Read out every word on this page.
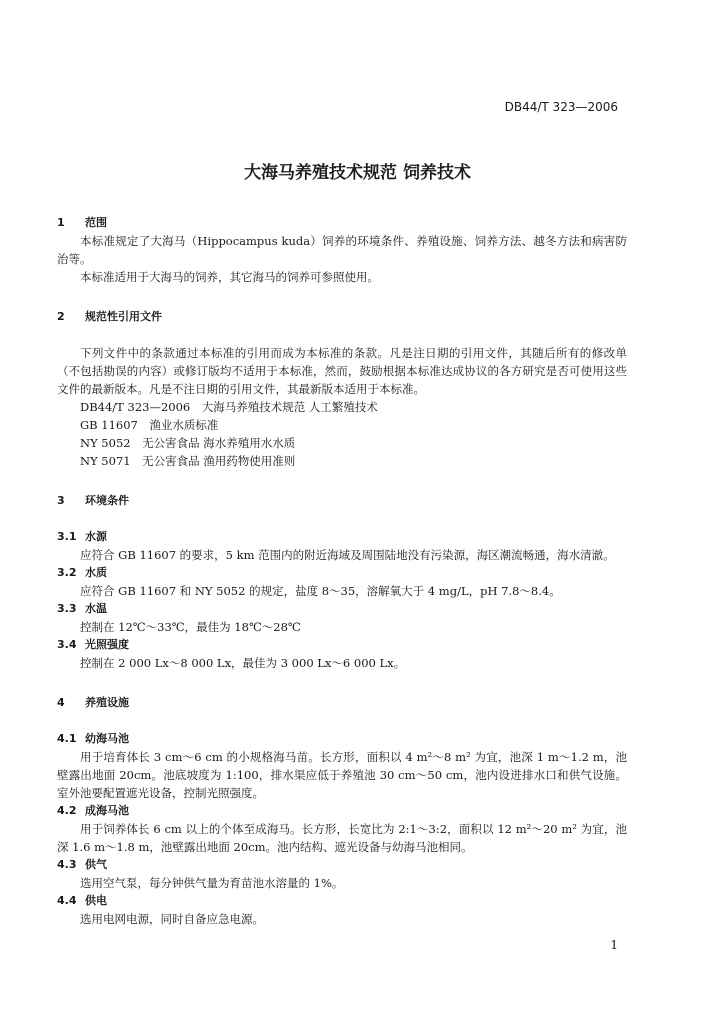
DB44/T 323—2006
大海马养殖技术规范 饲养技术
1 范围

本标准规定了大海马（Hippocampus kuda）饲养的环境条件、养殖设施、饲养方法、越冬方法和病害防治等。

本标准适用于大海马的饲养，其它海马的饲养可参照使用。

2 规范性引用文件

下列文件中的条款通过本标准的引用而成为本标准的条款。凡是注日期的引用文件，其随后所有的修改单（不包括勘误的内容）或修订版均不适用于本标准，然而，鼓励根据本标准达成协议的各方研究是否可使用这些文件的最新版本。凡是不注日期的引用文件，其最新版本适用于本标准。

DB44/T 323—2006　大海马养殖技术规范 人工繁殖技术

GB 11607　渔业水质标准

NY 5052　无公害食品 海水养殖用水水质

NY 5071　无公害食品 渔用药物使用准则

3 环境条件
3.1 水源

应符合 GB 11607 的要求，5 km 范围内的附近海域及周围陆地没有污染源，海区潮流畅通，海水清澈。

3.2 水质

应符合 GB 11607 和 NY 5052 的规定，盐度 8～35，溶解氧大于 4 mg/L，pH 7.8～8.4。

3.3 水温

控制在 12℃～33℃，最佳为 18℃～28℃

3.4 光照强度

控制在 2 000 Lx～8 000 Lx，最佳为 3 000 Lx～6 000 Lx。

4 养殖设施
4.1 幼海马池

用于培育体长 3 cm～6 cm 的小规格海马苗。长方形，面积以 4 m²～8 m² 为宜，池深 1 m～1.2 m，池壁露出地面 20cm。池底坡度为 1:100，排水渠应低于养殖池 30 cm～50 cm，池内设进排水口和供气设施。室外池要配置遮光设备，控制光照强度。

4.2 成海马池

用于饲养体长 6 cm 以上的个体至成海马。长方形，长宽比为 2:1～3:2，面积以 12 m²～20 m² 为宜，池深 1.6 m～1.8 m，池壁露出地面 20cm。池内结构、遮光设备与幼海马池相同。

4.3 供气

选用空气泵，每分钟供气量为育苗池水溶量的 1%。

4.4 供电

选用电网电源，同时自备应急电源。

1
